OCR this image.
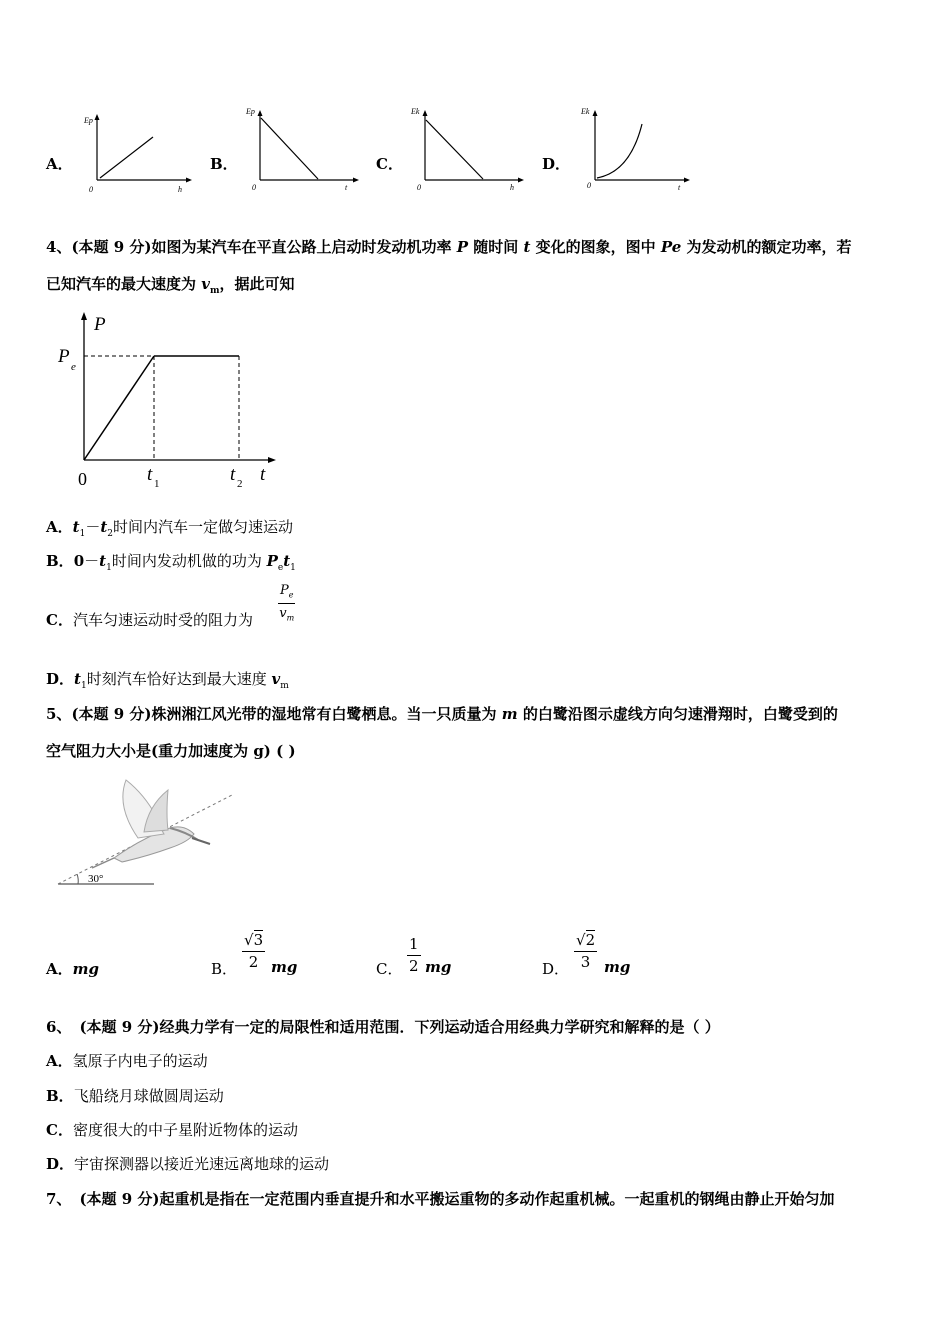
A．
Ep
0	h
B．
Ep
0	t
C．
Ek
0	h
D．
Ek
0	t
4、(本题 9 分)如图为某汽车在平直公路上启动时发动机功率 P 随时间 t 变化的图象，图中 Pe 为发动机的额定功率，若
已知汽车的最大速度为 $v_m$，据此可知
P
P e
0	t 1	t 2 t
A．$t_1-t_2$时间内汽车一定做匀速运动
B．$0-t_1$时间内发动机做的功为 $P_et_1$
C．汽车匀速运动时受的阻力为 $\frac{P_e}{v_m}$
D．$t_1$时刻汽车恰好达到最大速度 $v_m$
5、(本题 9 分)株洲湘江风光带的湿地常有白鹭栖息。当一只质量为 m 的白鹭沿图示虚线方向匀速滑翔时，白鹭受到的
空气阻力大小是(重力加速度为 g) ( )
30°
A．mg	B． $\frac{√3}{2}$ mg	C． $\frac{1}{2}$ mg	D． $\frac{√2}{3}$ mg
6、 (本题 9 分)经典力学有一定的局限性和适用范围．下列运动适合用经典力学研究和解释的是（ ）
A．氢原子内电子的运动
B．飞船绕月球做圆周运动
C．密度很大的中子星附近物体的运动
D．宇宙探测器以接近光速远离地球的运动
7、 (本题 9 分)起重机是指在一定范围内垂直提升和水平搬运重物的多动作起重机械。一起重机的钢绳由静止开始匀加
